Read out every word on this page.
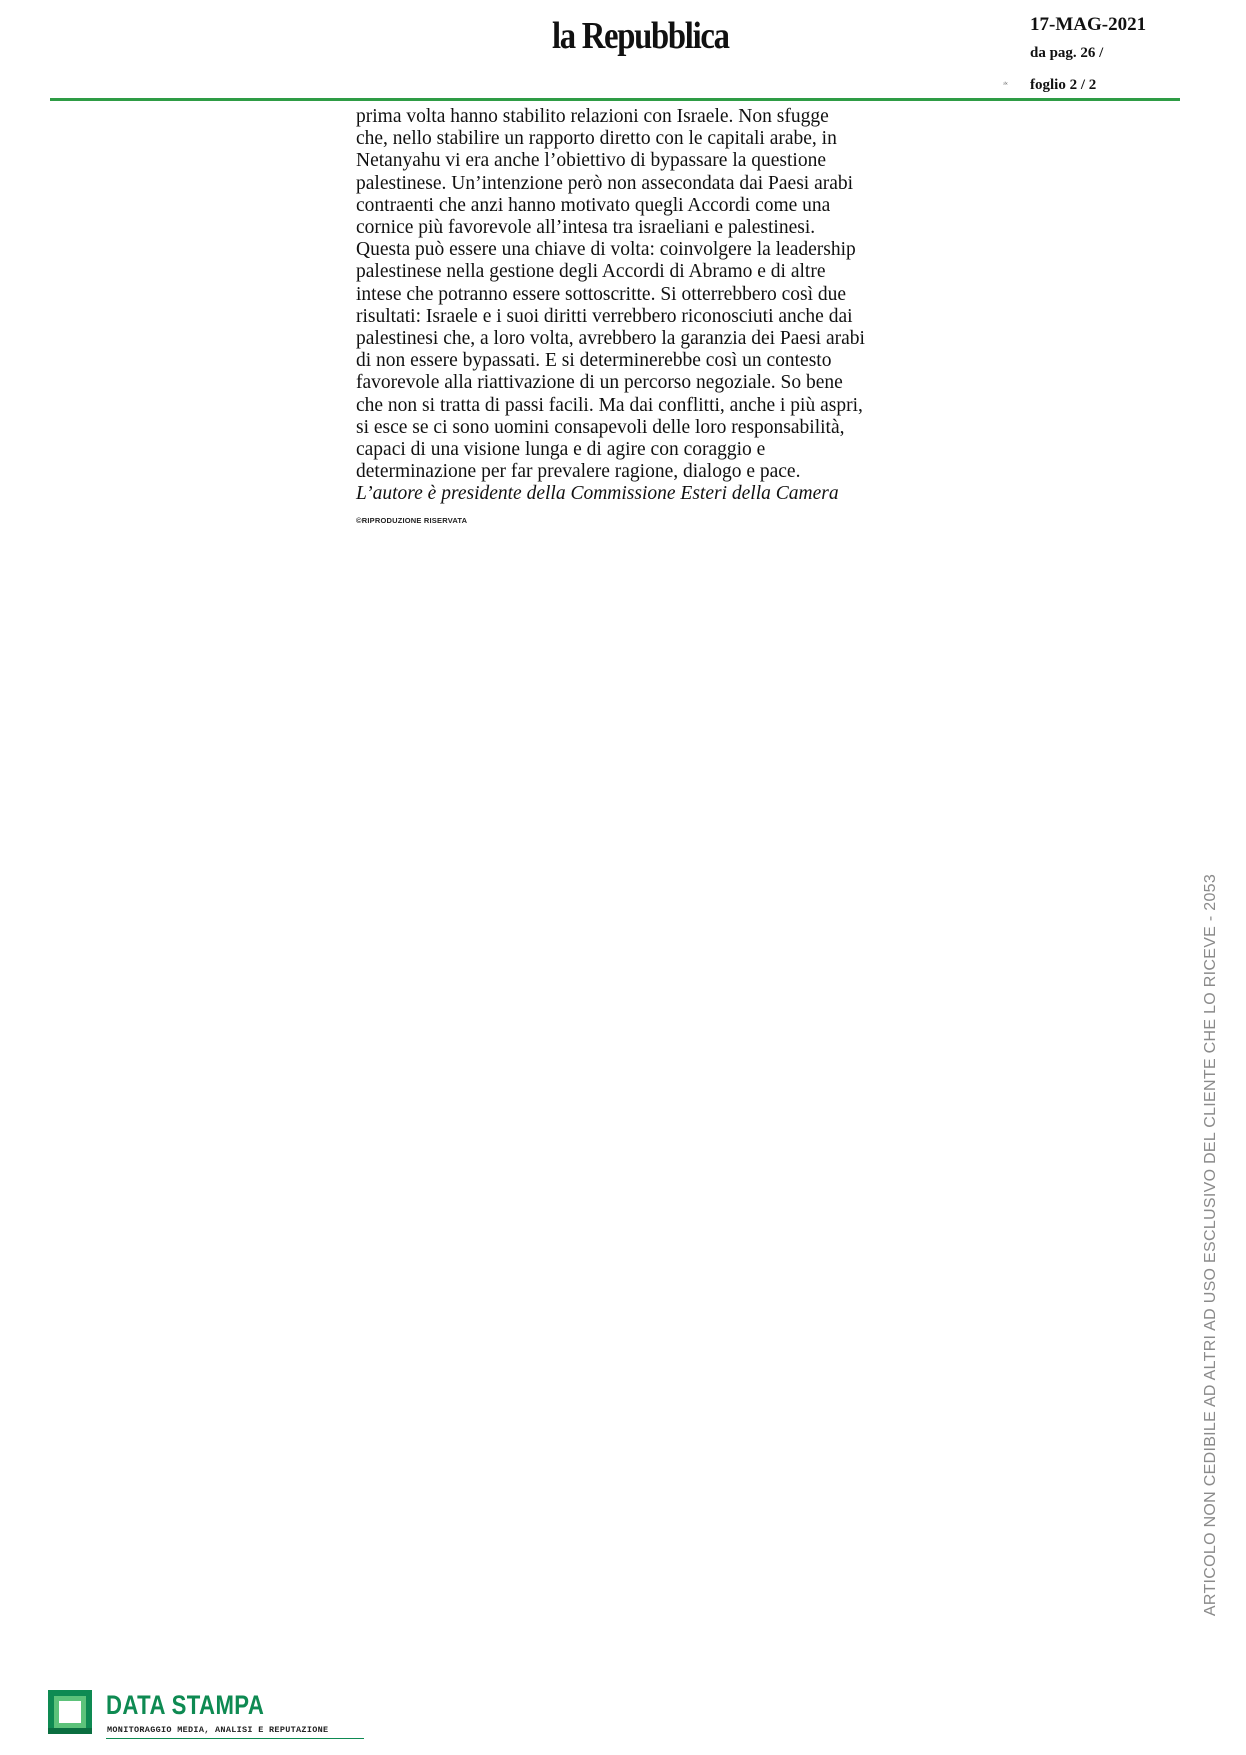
la Repubblica	17-MAG-2021
da pag. 26 /
ᵃᵇᶜ foglio 2 / 2
prima volta hanno stabilito relazioni con Israele. Non sfugge
che, nello stabilire un rapporto diretto con le capitali arabe, in
Netanyahu vi era anche l’obiettivo di bypassare la questione
palestinese. Un’intenzione però non assecondata dai Paesi arabi
contraenti che anzi hanno motivato quegli Accordi come una
cornice più favorevole all’intesa tra israeliani e palestinesi.
Questa può essere una chiave di volta: coinvolgere la leadership
palestinese nella gestione degli Accordi di Abramo e di altre
intese che potranno essere sottoscritte. Si otterrebbero così due
risultati: Israele e i suoi diritti verrebbero riconosciuti anche dai
palestinesi che, a loro volta, avrebbero la garanzia dei Paesi arabi
di non essere bypassati. E si determinerebbe così un contesto
favorevole alla riattivazione di un percorso negoziale. So bene
che non si tratta di passi facili. Ma dai conflitti, anche i più aspri,
si esce se ci sono uomini consapevoli delle loro responsabilità,
capaci di una visione lunga e di agire con coraggio e
determinazione per far prevalere ragione, dialogo e pace.
L’autore è presidente della Commissione Esteri della Camera
©RIPRODUZIONE RISERVATA
ARTICOLO NON CEDIBILE AD ALTRI AD USO ESCLUSIVO DEL CLIENTE CHE LO RICEVE - 2053
DATA STAMPA
MONITORAGGIO MEDIA, ANALISI E REPUTAZIONE
